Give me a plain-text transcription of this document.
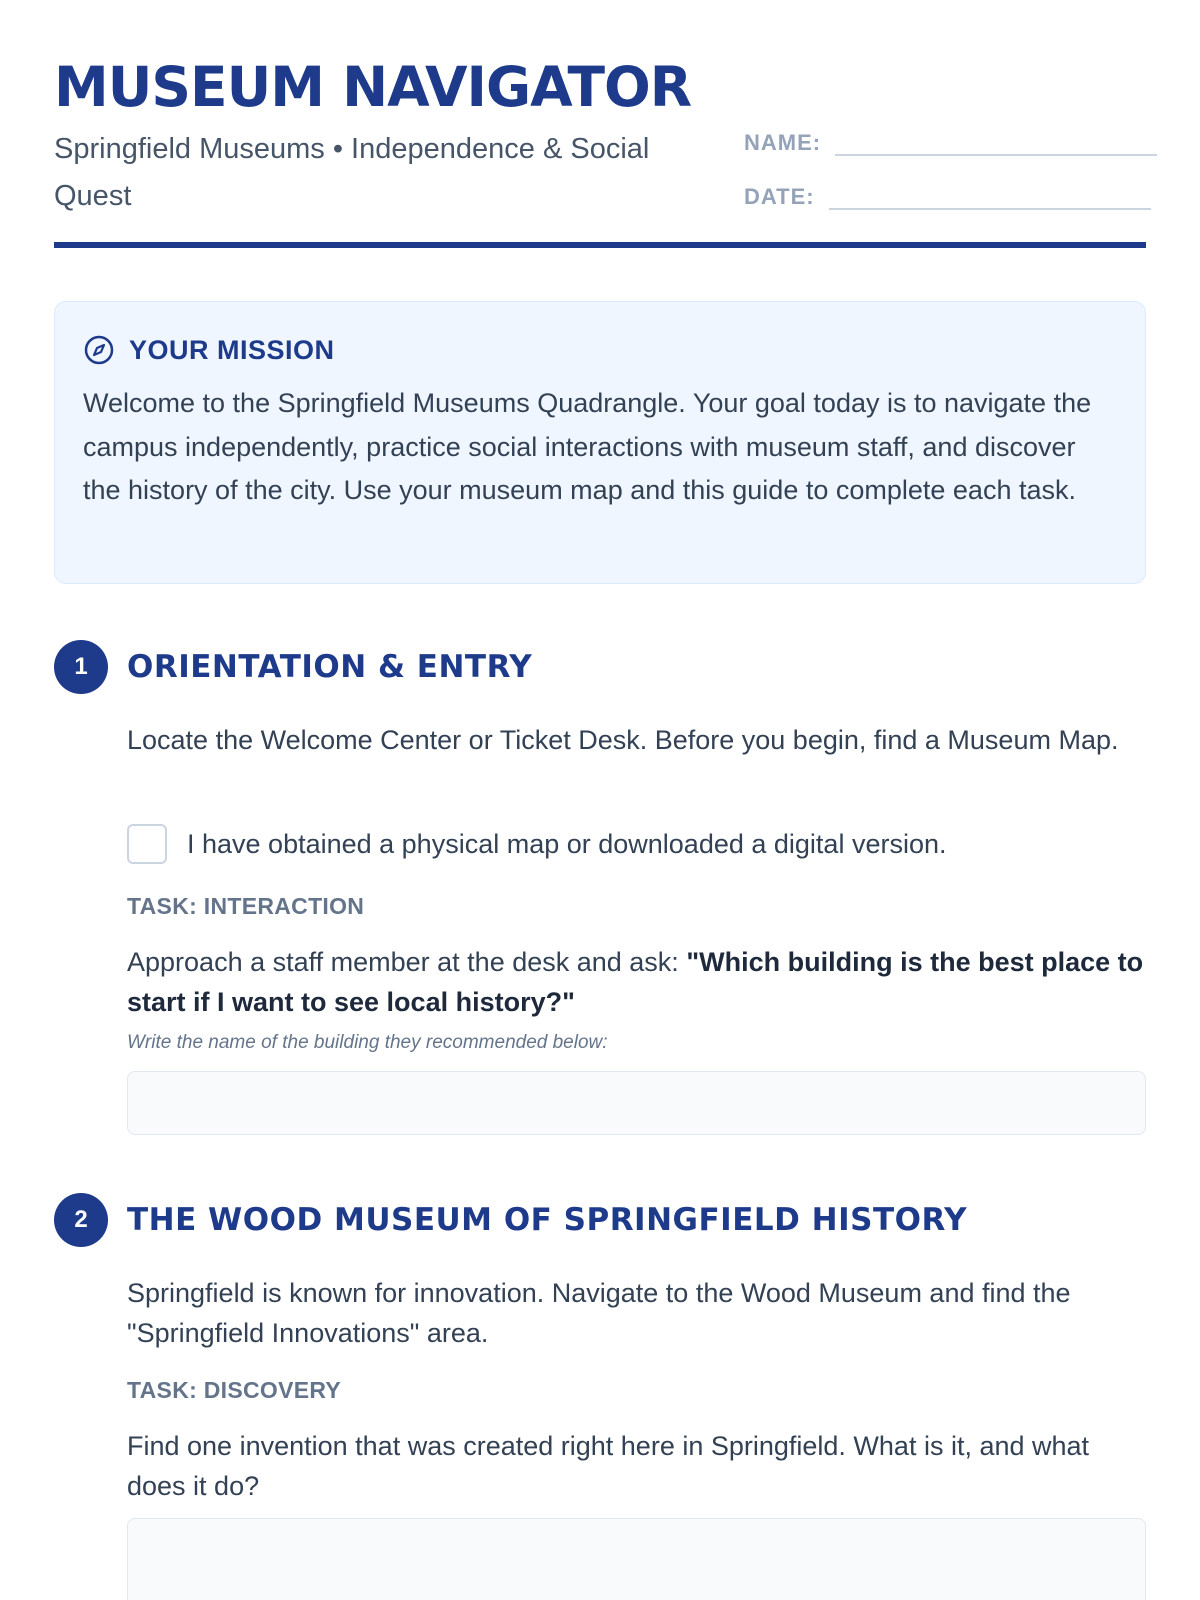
MUSEUM NAVIGATOR
Springfield Museums • Independence & Social Quest
NAME:
DATE:
YOUR MISSION
Welcome to the Springfield Museums Quadrangle. Your goal today is to navigate the campus independently, practice social interactions with museum staff, and discover the history of the city. Use your museum map and this guide to complete each task.
1	ORIENTATION & ENTRY
Locate the Welcome Center or Ticket Desk. Before you begin, find a Museum Map.
I have obtained a physical map or downloaded a digital version.
TASK: INTERACTION
Approach a staff member at the desk and ask: "Which building is the best place to start if I want to see local history?"
Write the name of the building they recommended below:
2	THE WOOD MUSEUM OF SPRINGFIELD HISTORY
Springfield is known for innovation. Navigate to the Wood Museum and find the "Springfield Innovations" area.
TASK: DISCOVERY
Find one invention that was created right here in Springfield. What is it, and what does it do?
